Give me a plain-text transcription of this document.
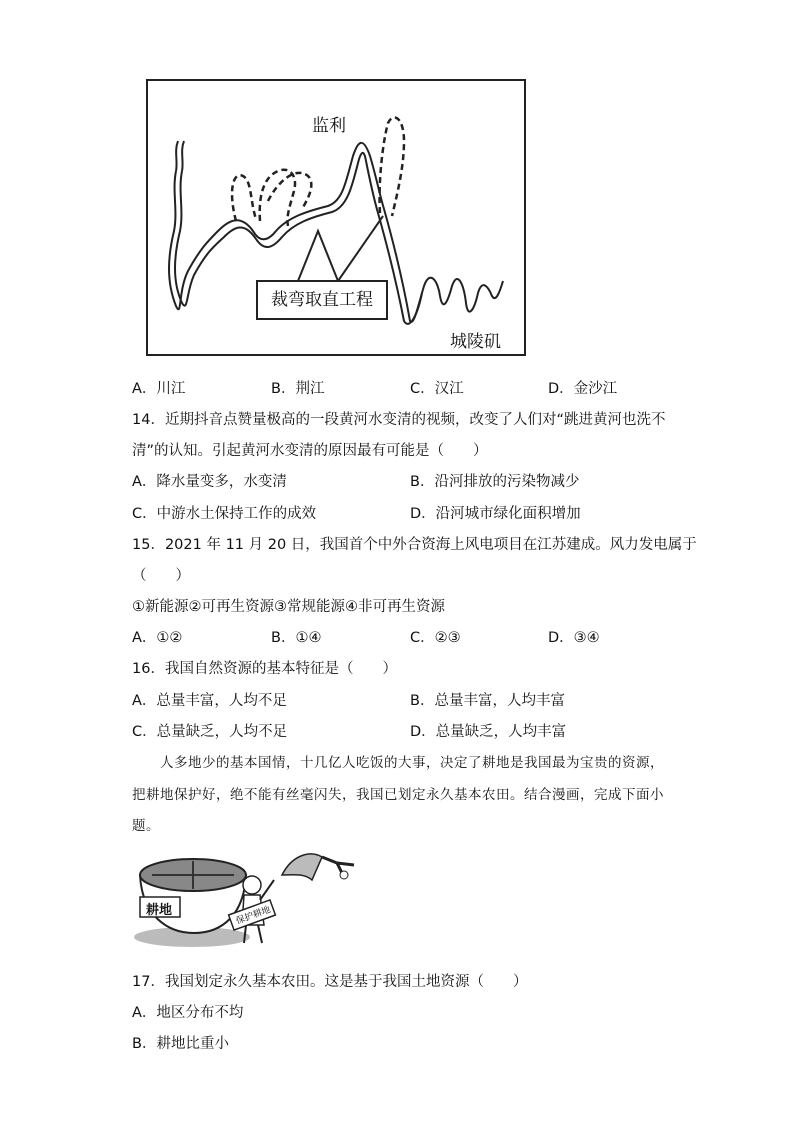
监利
城陵矶
裁弯取直工程
A．川江	B．荆江	C．汉江	D．金沙江
14．近期抖音点赞量极高的一段黄河水变清的视频，改变了人们对“跳进黄河也洗不
清”的认知。引起黄河水变清的原因最有可能是（　　）
A．降水量变多，水变清	B．沿河排放的污染物减少
C．中游水土保持工作的成效	D．沿河城市绿化面积增加
15．2021 年 11 月 20 日，我国首个中外合资海上风电项目在江苏建成。风力发电属于
（　　）
①新能源②可再生资源③常规能源④非可再生资源
A．①②	B．①④	C．②③	D．③④
16．我国自然资源的基本特征是（　　）
A．总量丰富，人均不足	B．总量丰富，人均丰富
C．总量缺乏，人均不足	D．总量缺乏，人均丰富
人多地少的基本国情，十几亿人吃饭的大事，决定了耕地是我国最为宝贵的资源，
把耕地保护好，绝不能有丝毫闪失，我国已划定永久基本农田。结合漫画，完成下面小
题。
耕地	保护耕地
17．我国划定永久基本农田。这是基于我国土地资源（　　）
A．地区分布不均
B．耕地比重小
